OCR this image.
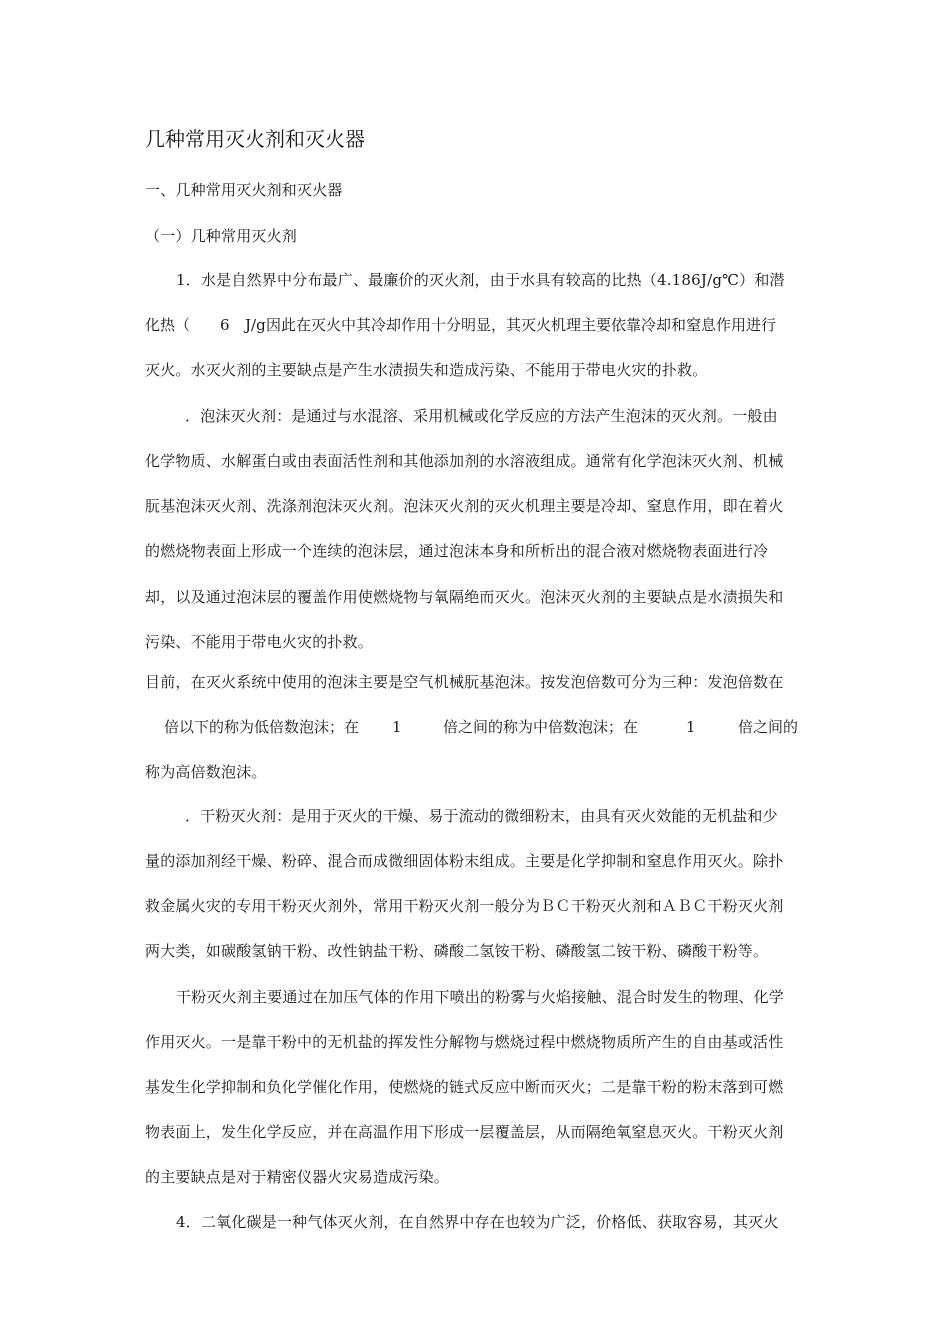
几种常用灭火剂和灭火器
一、几种常用灭火剂和灭火器
（一）几种常用灭火剂
1．水是自然界中分布最广、最廉价的灭火剂，由于水具有较高的比热（4.186J/g℃）和潜
化热（ 6 J/g 因此在灭火中其冷却作用十分明显，其灭火机理主要依靠冷却和窒息作用进行
灭火。水灭火剂的主要缺点是产生水渍损失和造成污染、不能用于带电火灾的扑救。
．泡沫灭火剂：是通过与水混溶、采用机械或化学反应的方法产生泡沫的灭火剂。一般由
化学物质、水解蛋白或由表面活性剂和其他添加剂的水溶液组成。通常有化学泡沫灭火剂、机械
朊基泡沫灭火剂、洗涤剂泡沫灭火剂。泡沫灭火剂的灭火机理主要是冷却、窒息作用，即在着火
的燃烧物表面上形成一个连续的泡沫层，通过泡沫本身和所析出的混合液对燃烧物表面进行冷
却，以及通过泡沫层的覆盖作用使燃烧物与氧隔绝而灭火。泡沫灭火剂的主要缺点是水渍损失和
污染、不能用于带电火灾的扑救。
目前，在灭火系统中使用的泡沫主要是空气机械朊基泡沫。按发泡倍数可分为三种：发泡倍数在
倍以下的称为低倍数泡沫；在 1	倍之间的称为中倍数泡沫；在	1	倍之间的
称为高倍数泡沫。
．干粉灭火剂：是用于灭火的干燥、易于流动的微细粉末，由具有灭火效能的无机盐和少
量的添加剂经干燥、粉碎、混合而成微细固体粉末组成。主要是化学抑制和窒息作用灭火。除扑
救金属火灾的专用干粉灭火剂外，常用干粉灭火剂一般分为ＢＣ干粉灭火剂和ＡＢＣ干粉灭火剂
两大类，如碳酸氢钠干粉、改性钠盐干粉、磷酸二氢铵干粉、磷酸氢二铵干粉、磷酸干粉等。
干粉灭火剂主要通过在加压气体的作用下喷出的粉雾与火焰接触、混合时发生的物理、化学
作用灭火。一是靠干粉中的无机盐的挥发性分解物与燃烧过程中燃烧物质所产生的自由基或活性
基发生化学抑制和负化学催化作用，使燃烧的链式反应中断而灭火；二是靠干粉的粉末落到可燃
物表面上，发生化学反应，并在高温作用下形成一层覆盖层，从而隔绝氧窒息灭火。干粉灭火剂
的主要缺点是对于精密仪器火灾易造成污染。
4．二氧化碳是一种气体灭火剂，在自然界中存在也较为广泛，价格低、获取容易，其灭火
